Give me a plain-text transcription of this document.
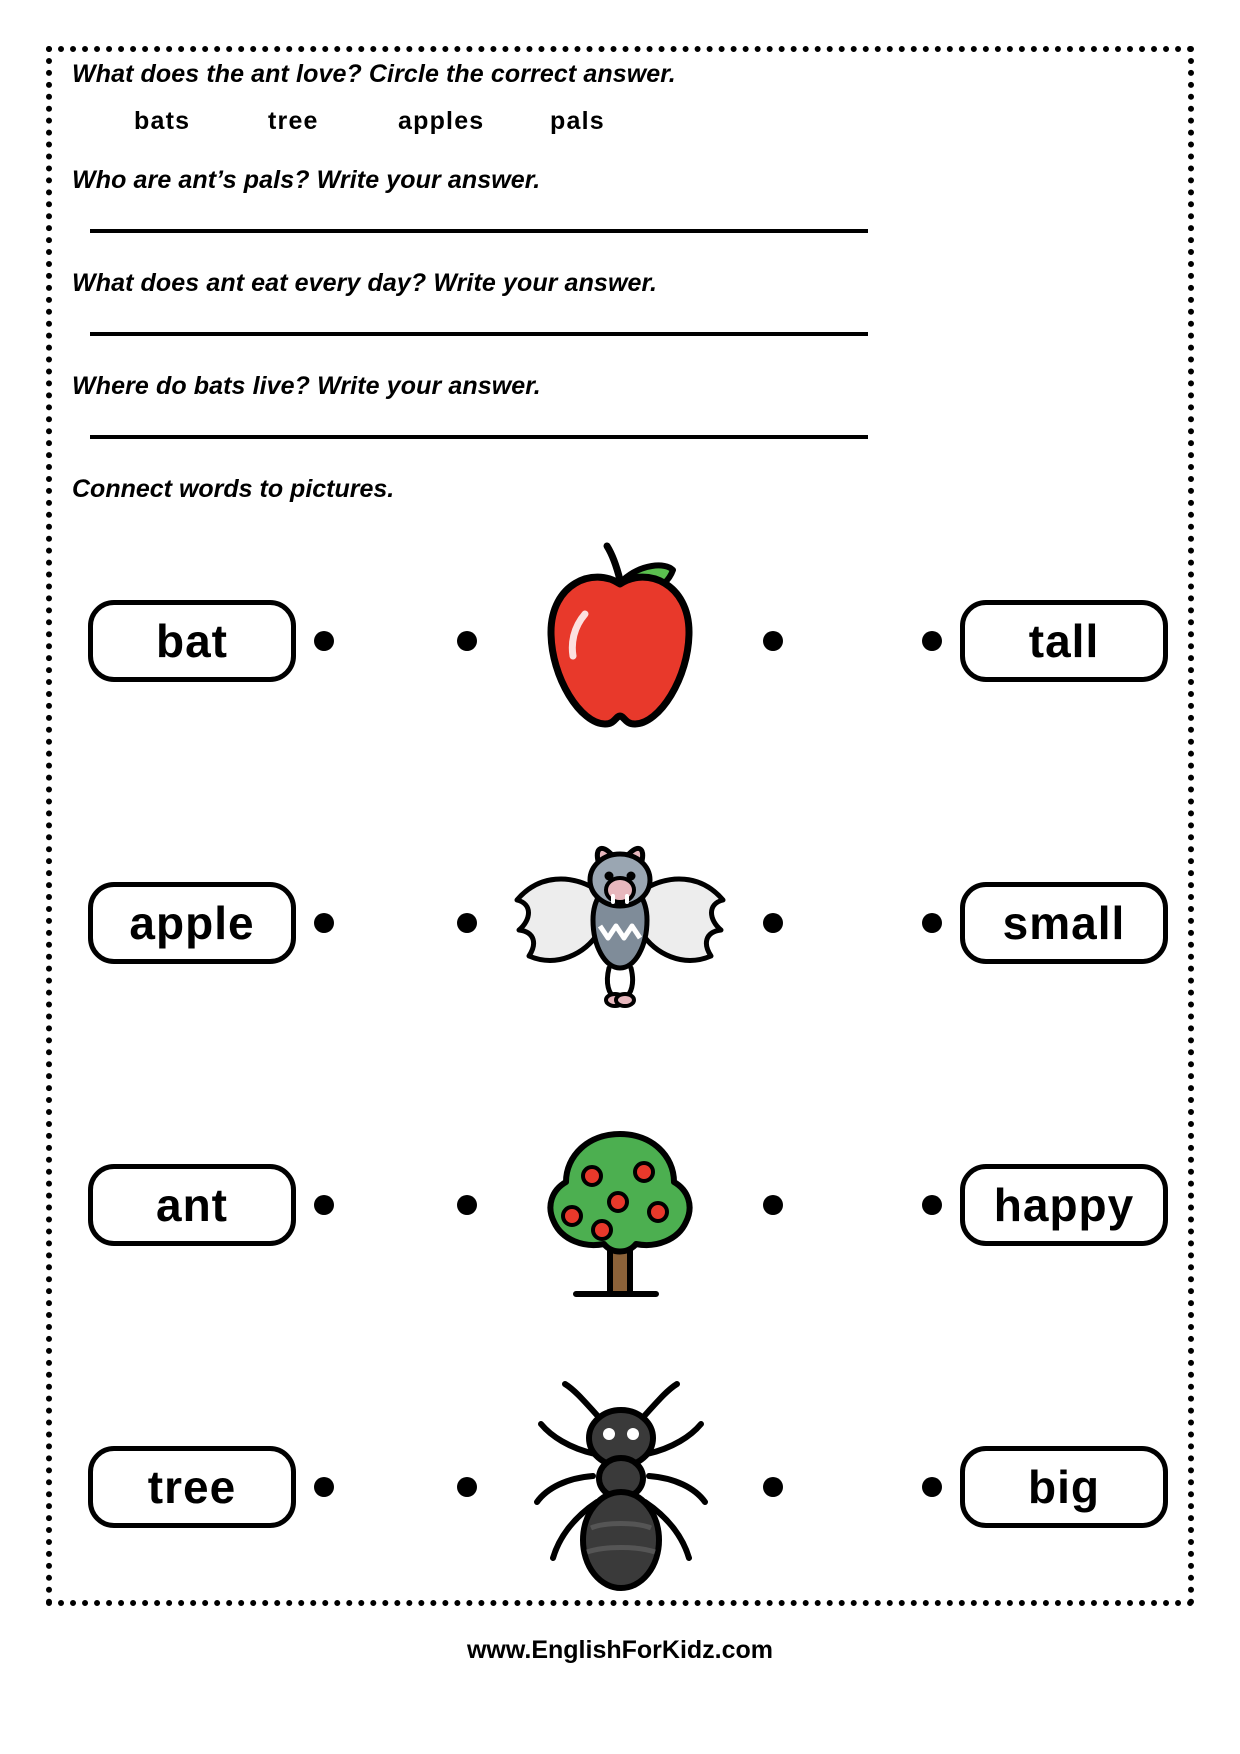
What does the ant love? Circle the correct answer.
bats	tree	apples	pals
Who are ant’s pals? Write your answer.
What does ant eat every day? Write your answer.
Where do bats live? Write your answer.
Connect words to pictures.
bat	tall
apple	small
ant	happy
tree	big
www.EnglishForKidz.com
